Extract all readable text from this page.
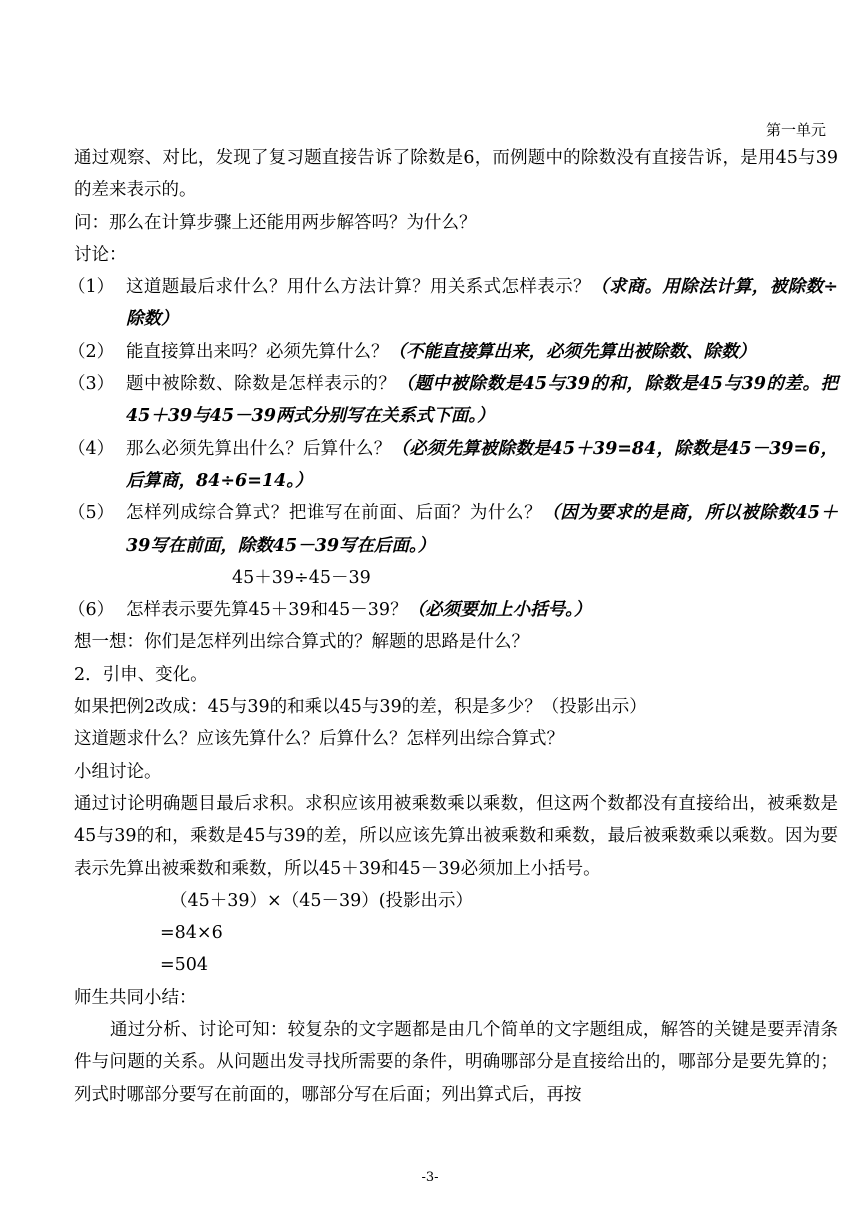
第一单元

通过观察、对比，发现了复习题直接告诉了除数是6，而例题中的除数没有直接告诉，是用45与39的差来表示的。

问：那么在计算步骤上还能用两步解答吗？为什么？

讨论：

（1） 这道题最后求什么？用什么方法计算？用关系式怎样表示？（求商。用除法计算，被除数÷除数）
（2） 能直接算出来吗？必须先算什么？（不能直接算出来，必须先算出被除数、除数）
（3） 题中被除数、除数是怎样表示的？（题中被除数是45与39的和，除数是45与39的差。把45＋39与45－39两式分别写在关系式下面。）
（4） 那么必须先算出什么？后算什么？（必须先算被除数是45＋39=84，除数是45－39=6，后算商，84÷6=14。）
（5） 怎样列成综合算式？把谁写在前面、后面？为什么？（因为要求的是商，所以被除数45＋39写在前面，除数45－39写在后面。）

45＋39÷45－39

（6） 怎样表示要先算45＋39和45－39？（必须要加上小括号。）

想一想：你们是怎样列出综合算式的？解题的思路是什么？

2．引申、变化。

如果把例2改成：45与39的和乘以45与39的差，积是多少？（投影出示）

这道题求什么？应该先算什么？后算什么？怎样列出综合算式？

小组讨论。

通过讨论明确题目最后求积。求积应该用被乘数乘以乘数，但这两个数都没有直接给出，被乘数是45与39的和，乘数是45与39的差，所以应该先算出被乘数和乘数，最后被乘数乘以乘数。因为要表示先算出被乘数和乘数，所以45＋39和45－39必须加上小括号。

（45＋39）×（45－39）(投影出示）

=84×6

=504

师生共同小结：

通过分析、讨论可知：较复杂的文字题都是由几个简单的文字题组成，解答的关键是要弄清条件与问题的关系。从问题出发寻找所需要的条件，明确哪部分是直接给出的，哪部分是要先算的；列式时哪部分要写在前面的，哪部分写在后面；列出算式后，再按

-3-
